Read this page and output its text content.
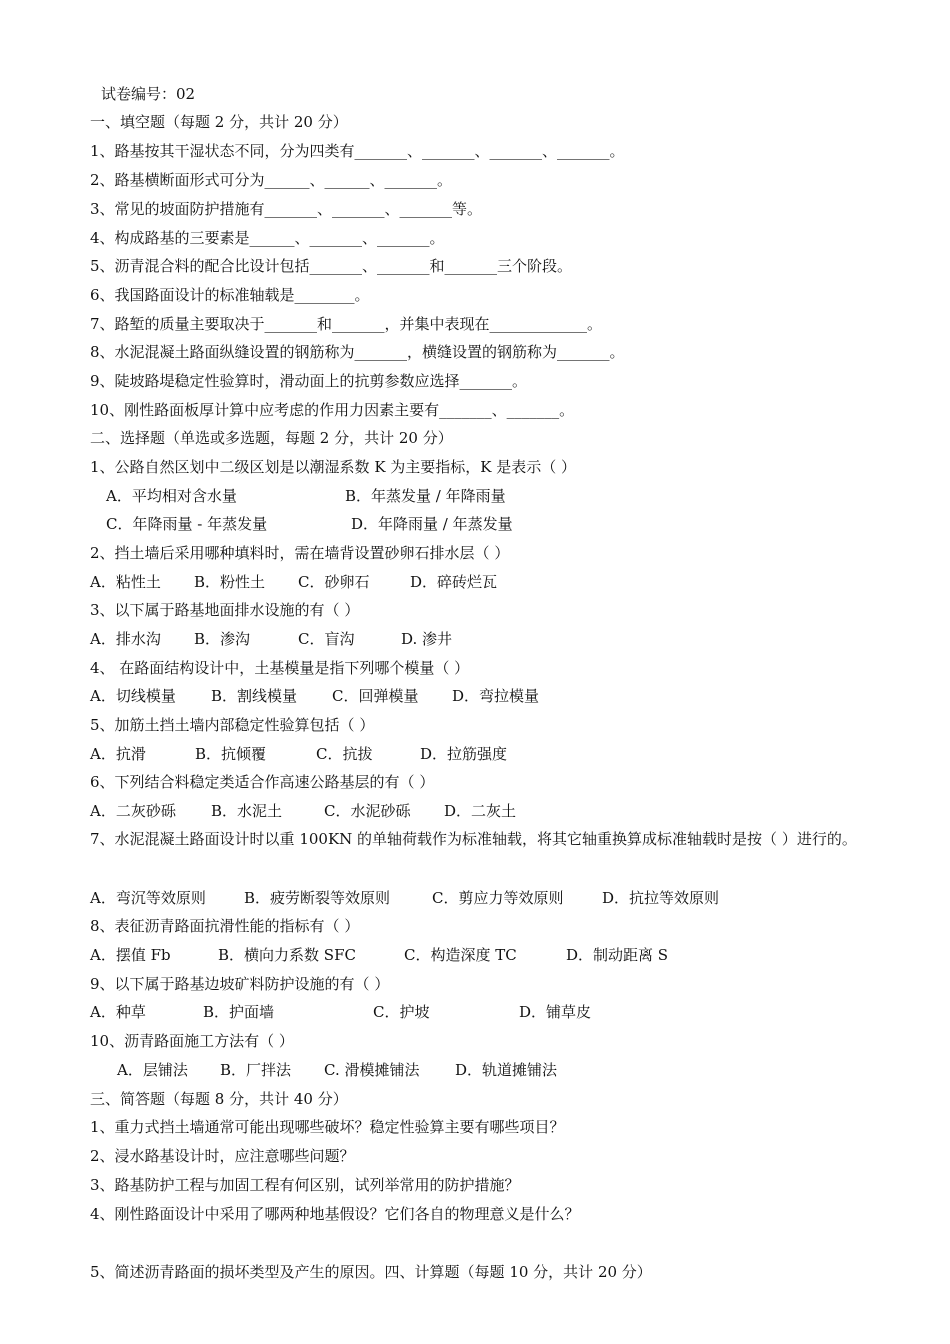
试卷编号：02
一、填空题（每题 2 分，共计 20 分）
1、路基按其干湿状态不同，分为四类有_______、_______、_______、_______。
2、路基横断面形式可分为______、______、_______。
3、常见的坡面防护措施有_______、_______、_______等。
4、构成路基的三要素是______、_______、_______。
5、沥青混合料的配合比设计包括_______、_______和_______三个阶段。
6、我国路面设计的标准轴载是________。
7、路堑的质量主要取决于_______和_______，并集中表现在_____________。
8、水泥混凝土路面纵缝设置的钢筋称为_______，横缝设置的钢筋称为_______。
9、陡坡路堤稳定性验算时，滑动面上的抗剪参数应选择_______。
10、刚性路面板厚计算中应考虑的作用力因素主要有_______、_______。
二、选择题（单选或多选题，每题 2 分，共计 20 分）
1、公路自然区划中二级区划是以潮湿系数 K 为主要指标，K 是表示（ ）
A．平均相对含水量	B．年蒸发量 / 年降雨量
C．年降雨量 - 年蒸发量	D．年降雨量 / 年蒸发量
2、挡土墙后采用哪种填料时，需在墙背设置砂卵石排水层（ ）
A．粘性土	B．粉性土	C．砂卵石	D．碎砖烂瓦
3、以下属于路基地面排水设施的有（ ）
A．排水沟	B．渗沟	C．盲沟	D. 渗井
4、 在路面结构设计中，土基模量是指下列哪个模量（ ）
A．切线模量	B．割线模量	C．回弹模量	D．弯拉模量
5、加筋土挡土墙内部稳定性验算包括（ ）
A．抗滑	B．抗倾覆	C．抗拔	D．拉筋强度
6、下列结合料稳定类适合作高速公路基层的有（ ）
A．二灰砂砾	B．水泥土	C．水泥砂砾	D．二灰土
7、水泥混凝土路面设计时以重 100KN 的单轴荷载作为标准轴载，将其它轴重换算成标准轴载时是按（ ）进行的。
A．弯沉等效原则	B．疲劳断裂等效原则	C．剪应力等效原则	D．抗拉等效原则
8、表征沥青路面抗滑性能的指标有（ ）
A．摆值 Fb	B．横向力系数 SFC	C．构造深度 TC	D．制动距离 S
9、以下属于路基边坡矿料防护设施的有（ ）
A．种草	B．护面墙	C．护坡	D．铺草皮
10、沥青路面施工方法有（ ）
A．层铺法	B．厂拌法	C. 滑模摊铺法	D．轨道摊铺法
三、简答题（每题 8 分，共计 40 分）
1、重力式挡土墙通常可能出现哪些破坏？稳定性验算主要有哪些项目？
2、浸水路基设计时，应注意哪些问题？
3、路基防护工程与加固工程有何区别，试列举常用的防护措施？
4、刚性路面设计中采用了哪两种地基假设？它们各自的物理意义是什么？
5、简述沥青路面的损坏类型及产生的原因。四、计算题（每题 10 分，共计 20 分）
